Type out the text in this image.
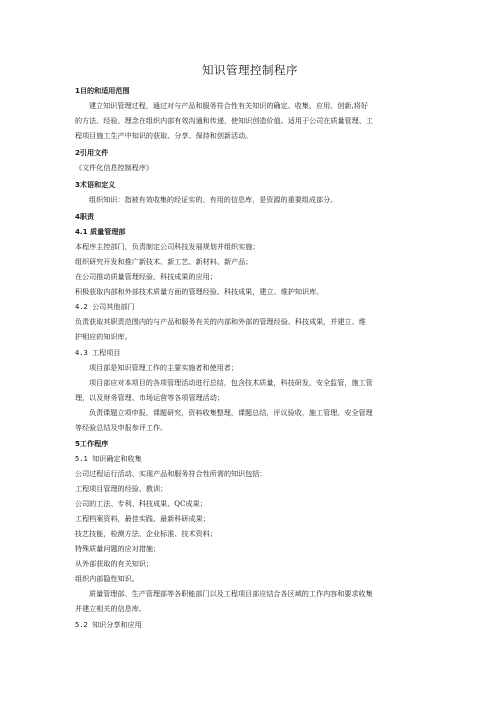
知识管理控制程序
1目的和适用范围
建立知识管理过程，通过对与产品和服务符合性有关知识的确定、收集、应用、创新,将好
的方法、经验、理念在组织内部有效沟通和传递，使知识创造价值。适用于公司在质量管理、工
程项目施工生产中知识的获取、分享、保持和创新活动。
2引用文件
《文件化信息控制程序》
3术语和定义
组织知识：指被有效收集的经证实的、有用的信息库，是资源的重要组成部分。
4职责
4.1 质量管理部
本程序主控部门，负责制定公司科技发展规划并组织实施；
组织研究开发和推广新技术、新工艺、新材料、新产品；
在公司推动质量管理经验、科技成果的应用；
积极获取内部和外部技术质量方面的管理经验、科技成果，建立、维护知识库。
4.2 公司其他部门
负责获取其职责范围内的与产品和服务有关的内部和外部的管理经验、科技成果，并建立、维
护相应的知识库。
4.3 工程项目
项目部是知识管理工作的主要实施者和使用者；
项目部应对本项目的各项管理活动进行总结，包含技术质量，科技研发，安全监管，施工管
理，以及财务管理、市场运营等各项管理活动；
负责课题立项申报，课题研究，资料收集整理，课题总结，评议验收，施工管理、安全管理
等经验总结及申报参评工作。
5工作程序
5.1 知识确定和收集
公司过程运行活动、实现产品和服务符合性所需的知识包括：
工程项目管理的经验、教训；
公司的工法、专利、科技成果、QC成果；
工程档案资料，最佳实践、最新科研成果；
技艺技能，检测方法、企业标准、技术资料；
特殊质量问题的应对措施；
从外部获取的有关知识；
组织内部隐性知识。
质量管理部、生产管理部等各职能部门以及工程项目部应结合各区域的工作内容和要求收集
并建立相关的信息库。
5.2 知识分享和应用
